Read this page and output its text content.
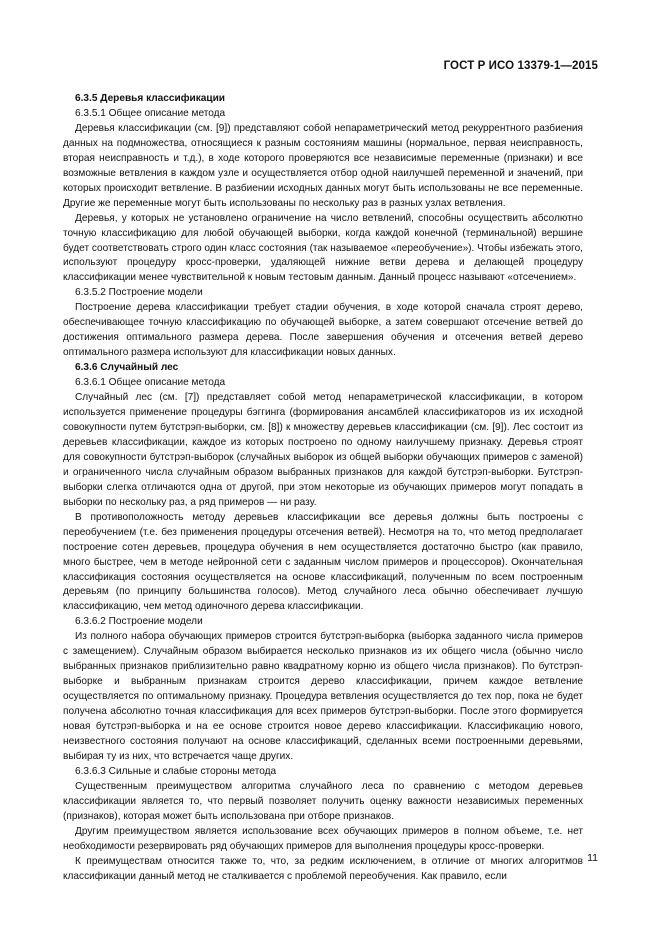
ГОСТ Р ИСО 13379-1—2015

6.3.5 Деревья классификации

6.3.5.1 Общее описание метода

Деревья классификации (см. [9]) представляют собой непараметрический метод рекуррентного разбиения данных на подмножества, относящиеся к разным состояниям машины (нормальное, первая неисправность, вторая неисправность и т.д.), в ходе которого проверяются все независимые переменные (признаки) и все возможные ветвления в каждом узле и осуществляется отбор одной наилучшей переменной и значений, при которых происходит ветвление. В разбиении исходных данных могут быть использованы не все переменные. Другие же переменные могут быть использованы по нескольку раз в разных узлах ветвления.

Деревья, у которых не установлено ограничение на число ветвлений, способны осуществить абсолютно точную классификацию для любой обучающей выборки, когда каждой конечной (терминальной) вершине будет соответствовать строго один класс состояния (так называемое «переобучение»). Чтобы избежать этого, используют процедуру кросс-проверки, удаляющей нижние ветви дерева и делающей процедуру классификации менее чувствительной к новым тестовым данным. Данный процесс называют «отсечением».

6.3.5.2 Построение модели

Построение дерева классификации требует стадии обучения, в ходе которой сначала строят дерево, обеспечивающее точную классификацию по обучающей выборке, а затем совершают отсечение ветвей до достижения оптимального размера дерева. После завершения обучения и отсечения ветвей дерево оптимального размера используют для классификации новых данных.

6.3.6 Случайный лес

6.3.6.1 Общее описание метода

Случайный лес (см. [7]) представляет собой метод непараметрической классификации, в котором используется применение процедуры бэггинга (формирования ансамблей классификаторов из их исходной совокупности путем бутстрэп-выборки, см. [8]) к множеству деревьев классификации (см. [9]). Лес состоит из деревьев классификации, каждое из которых построено по одному наилучшему признаку. Деревья строят для совокупности бутстрэп-выборок (случайных выборок из общей выборки обучающих примеров с заменой) и ограниченного числа случайным образом выбранных признаков для каждой бутстрэп-выборки. Бутстрэп-выборки слегка отличаются одна от другой, при этом некоторые из обучающих примеров могут попадать в выборки по нескольку раз, а ряд примеров — ни разу.

В противоположность методу деревьев классификации все деревья должны быть построены с переобучением (т.е. без применения процедуры отсечения ветвей). Несмотря на то, что метод предполагает построение сотен деревьев, процедура обучения в нем осуществляется достаточно быстро (как правило, много быстрее, чем в методе нейронной сети с заданным числом примеров и процессоров). Окончательная классификация состояния осуществляется на основе классификаций, полученным по всем построенным деревьям (по принципу большинства голосов). Метод случайного леса обычно обеспечивает лучшую классификацию, чем метод одиночного дерева классификации.

6.3.6.2 Построение модели

Из полного набора обучающих примеров строится бутстрэп-выборка (выборка заданного числа примеров с замещением). Случайным образом выбирается несколько признаков из их общего числа (обычно число выбранных признаков приблизительно равно квадратному корню из общего числа признаков). По бутстрэп-выборке и выбранным признакам строится дерево классификации, причем каждое ветвление осуществляется по оптимальному признаку. Процедура ветвления осуществляется до тех пор, пока не будет получена абсолютно точная классификация для всех примеров бутстрэп-выборки. После этого формируется новая бутстрэп-выборка и на ее основе строится новое дерево классификации. Классификацию нового, неизвестного состояния получают на основе классификаций, сделанных всеми построенными деревьями, выбирая ту из них, что встречается чаще других.

6.3.6.3 Сильные и слабые стороны метода

Существенным преимуществом алгоритма случайного леса по сравнению с методом деревьев классификации является то, что первый позволяет получить оценку важности независимых переменных (признаков), которая может быть использована при отборе признаков.

Другим преимуществом является использование всех обучающих примеров в полном объеме, т.е. нет необходимости резервировать ряд обучающих примеров для выполнения процедуры кросс-проверки.

К преимуществам относится также то, что, за редким исключением, в отличие от многих алгоритмов классификации данный метод не сталкивается с проблемой переобучения. Как правило, если

11
